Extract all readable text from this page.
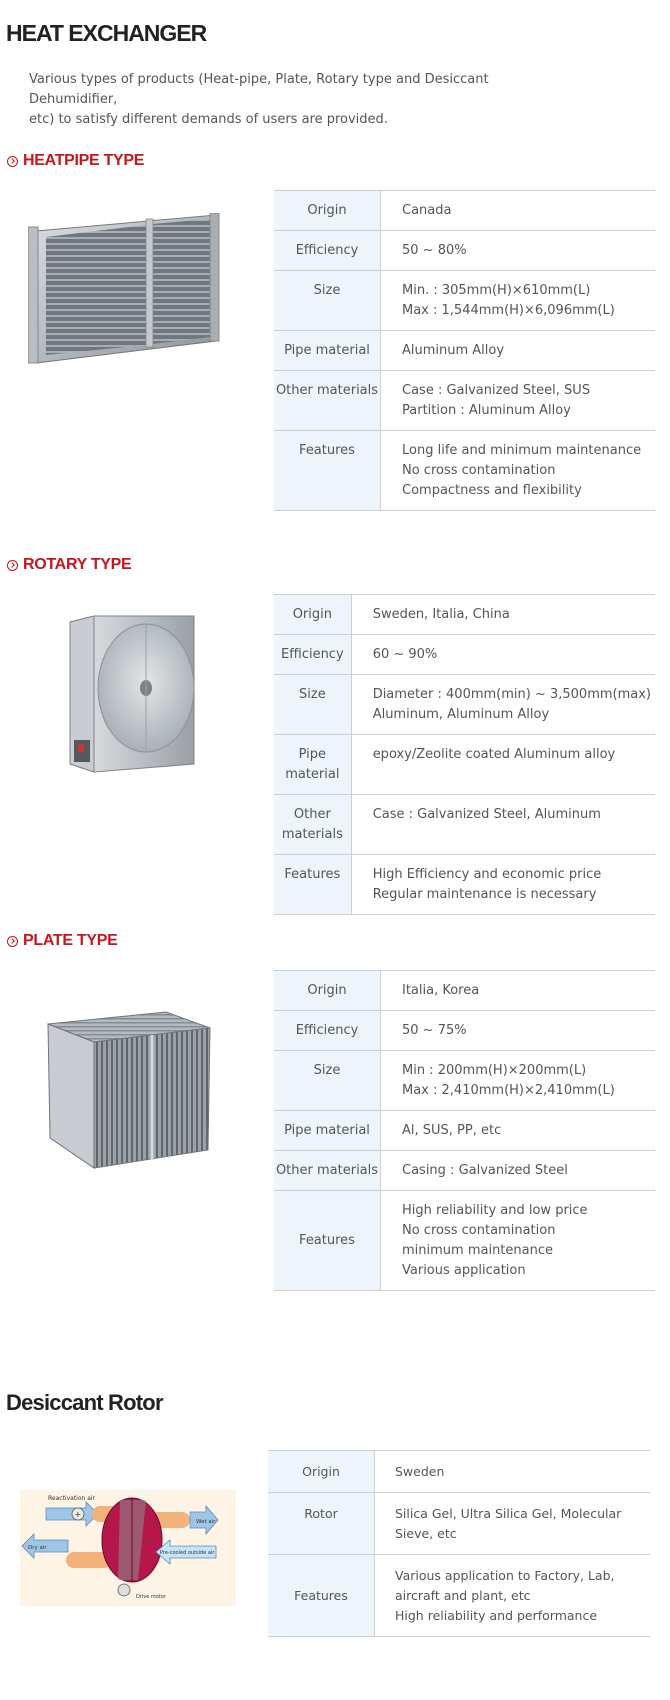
HEAT EXCHANGER

Various types of products (Heat-pipe, Plate, Rotary type and Desiccant Dehumidifier,

etc) to satisfy different demands of users are provided.

HEATPIPE TYPE
Origin	Canada

Efficiency	50 ~ 80%

Size	Min. : 305mm(H)×610mm(L)
Max : 1,544mm(H)×6,096mm(L)

Pipe material	Aluminum Alloy

Other materials	Case : Galvanized Steel, SUS
Partition : Aluminum Alloy

Features	Long life and minimum maintenance
No cross contamination
Compactness and flexibility
ROTARY TYPE
Origin	Sweden, Italia, China

Efficiency	60 ~ 90%

Size	Diameter : 400mm(min) ~ 3,500mm(max)
Aluminum, Aluminum Alloy

Pipe material	epoxy/Zeolite coated Aluminum alloy

Other materials	Case : Galvanized Steel, Aluminum

Features	High Efficiency and economic price
Regular maintenance is necessary
PLATE TYPE
Origin	Italia, Korea

Efficiency	50 ~ 75%

Size	Min : 200mm(H)×200mm(L)
Max : 2,410mm(H)×2,410mm(L)

Pipe material	Al, SUS, PP, etc

Other materials	Casing : Galvanized Steel

Features	High reliability and low price
No cross contamination
minimum maintenance
Various application
Desiccant Rotor
Reactivation air
+
Wet air
Pre-cooled outside air
Dry air
Drive motor
Origin	Sweden

Rotor	Silica Gel, Ultra Silica Gel, Molecular Sieve, etc

Features	Various application to Factory, Lab, aircraft and plant, etc
High reliability and performance
